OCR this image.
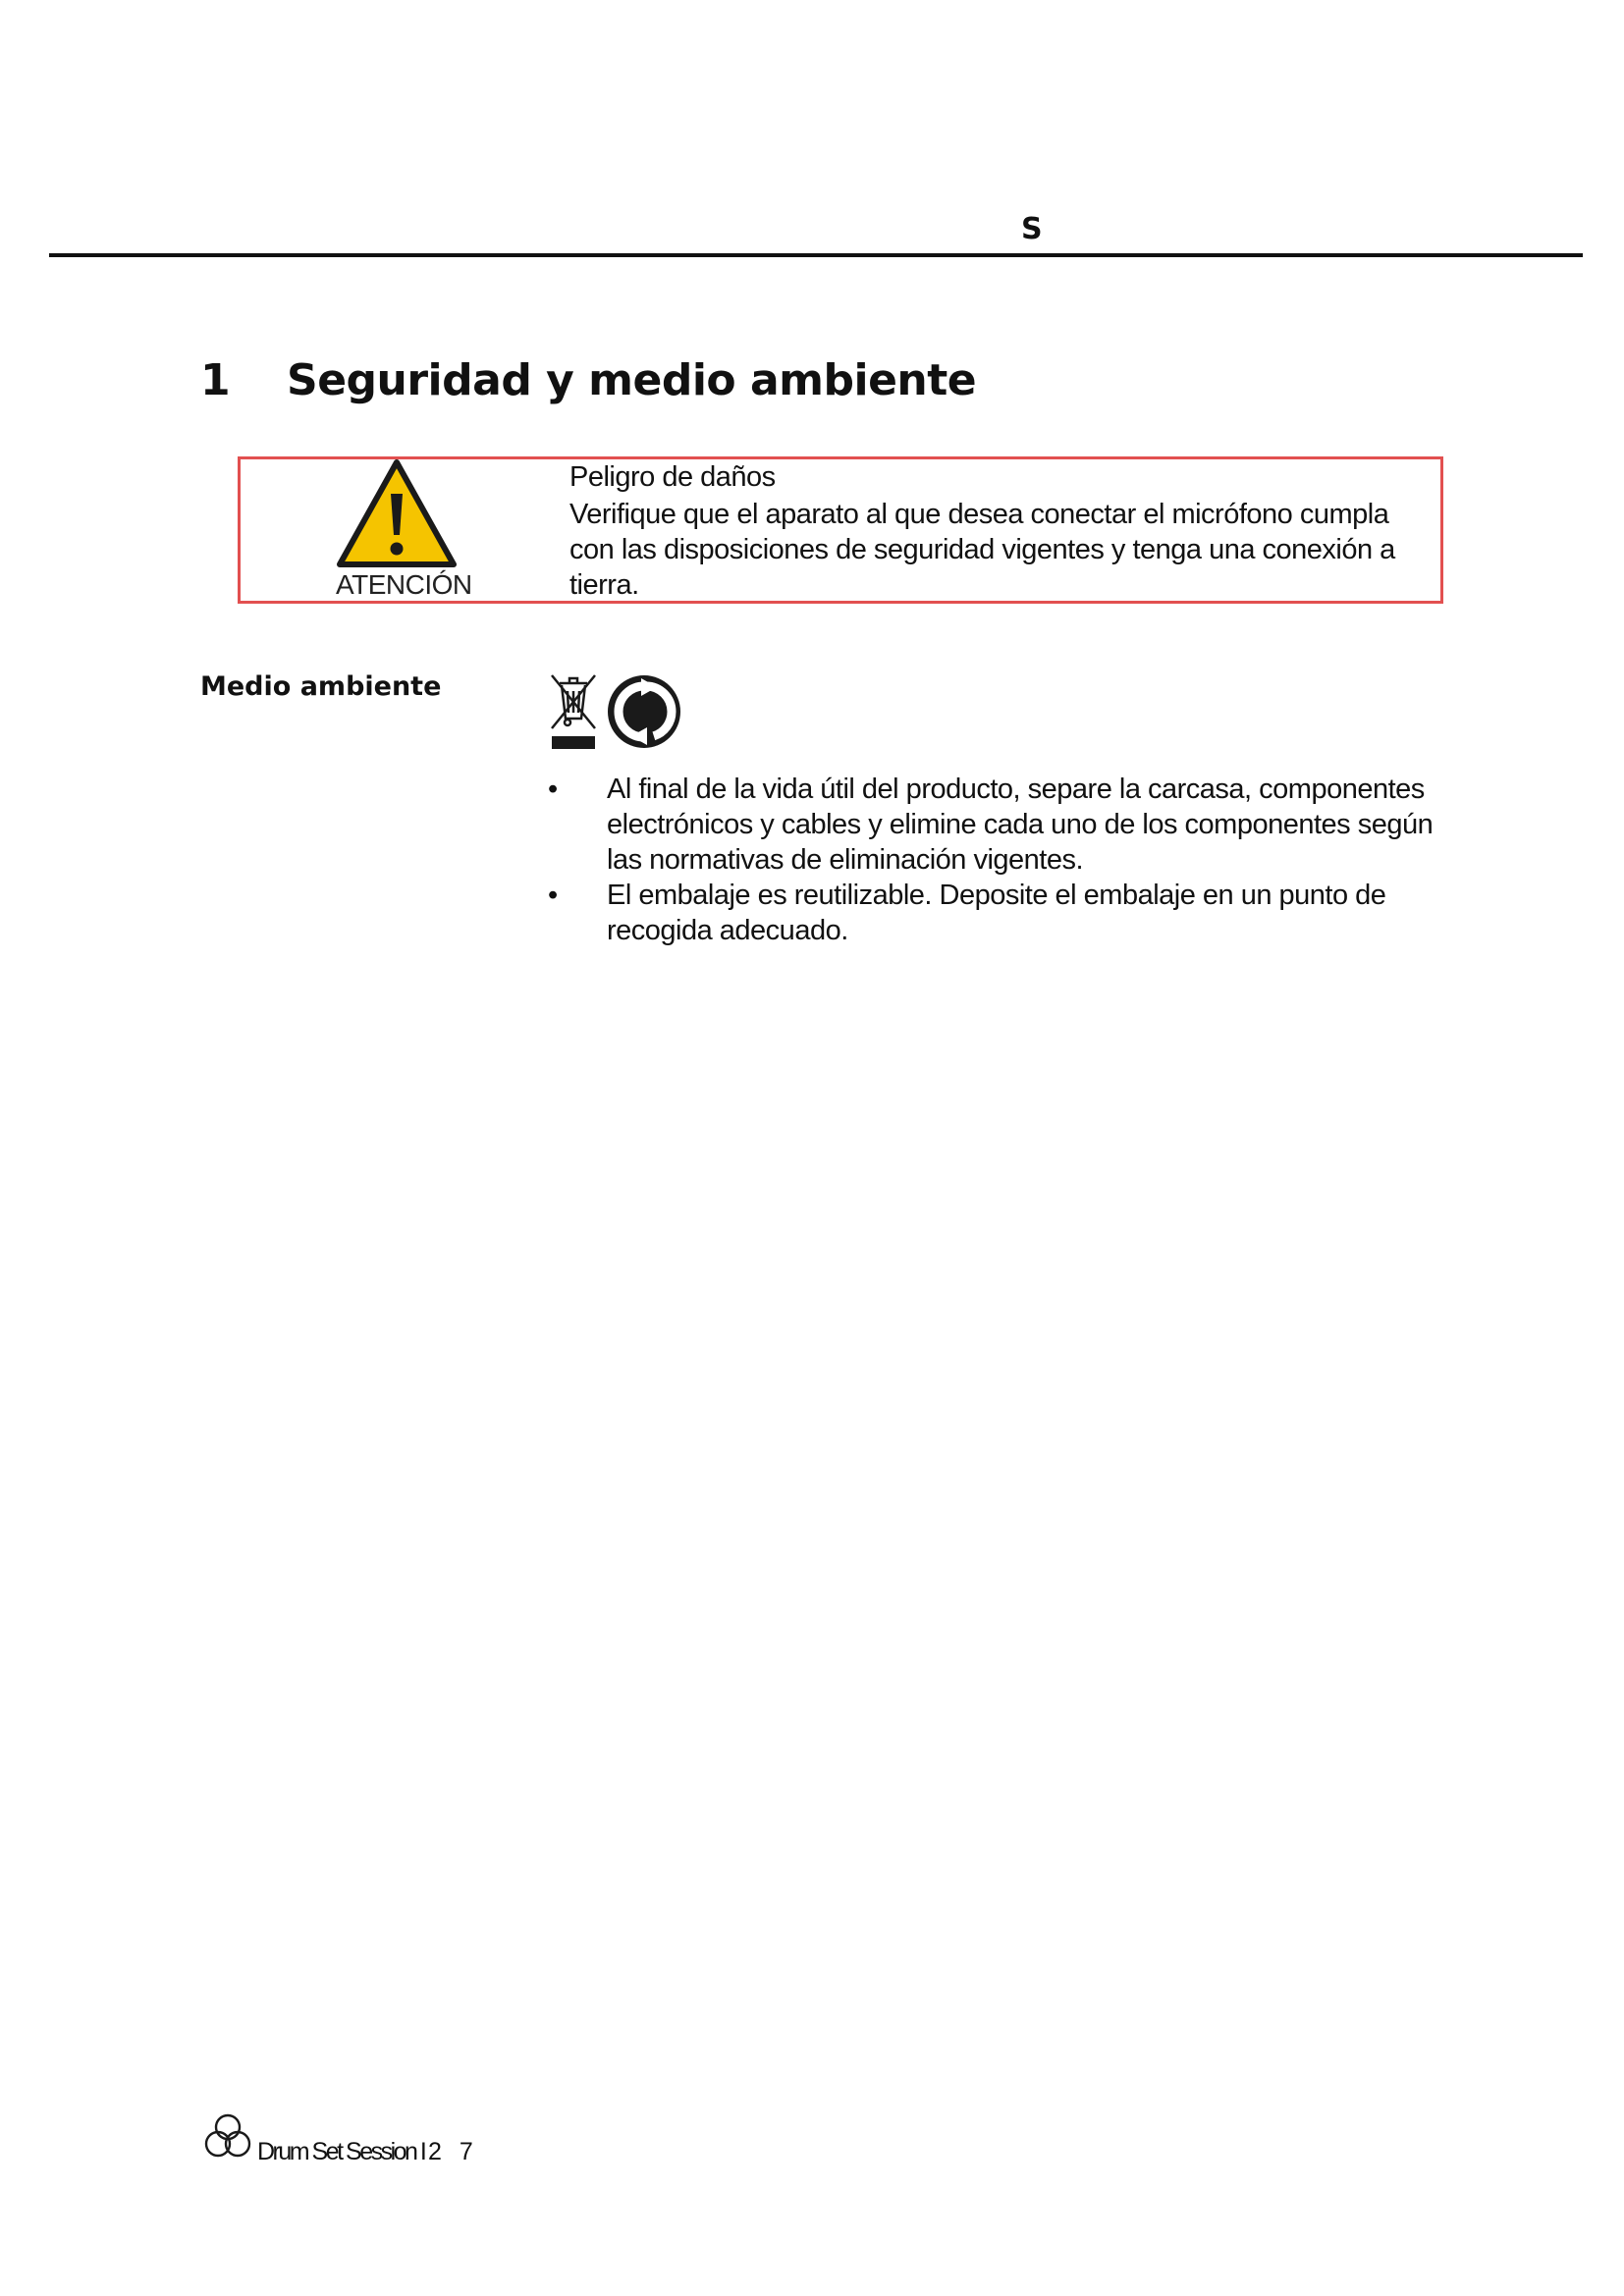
S
1 Seguridad y medio ambiente
ATENCIÓN
Peligro de daños
Verifique que el aparato al que desea conectar el micrófono cumpla con las disposiciones de seguridad vigentes y tenga una conexión a tierra.
Medio ambiente
• Al final de la vida útil del producto, separe la carcasa, componentes electrónicos y cables y elimine cada uno de los componentes según las normativas de eliminación vigentes.
• El embalaje es reutilizable. Deposite el embalaje en un punto de recogida adecuado.
Drum Set Session I 27
